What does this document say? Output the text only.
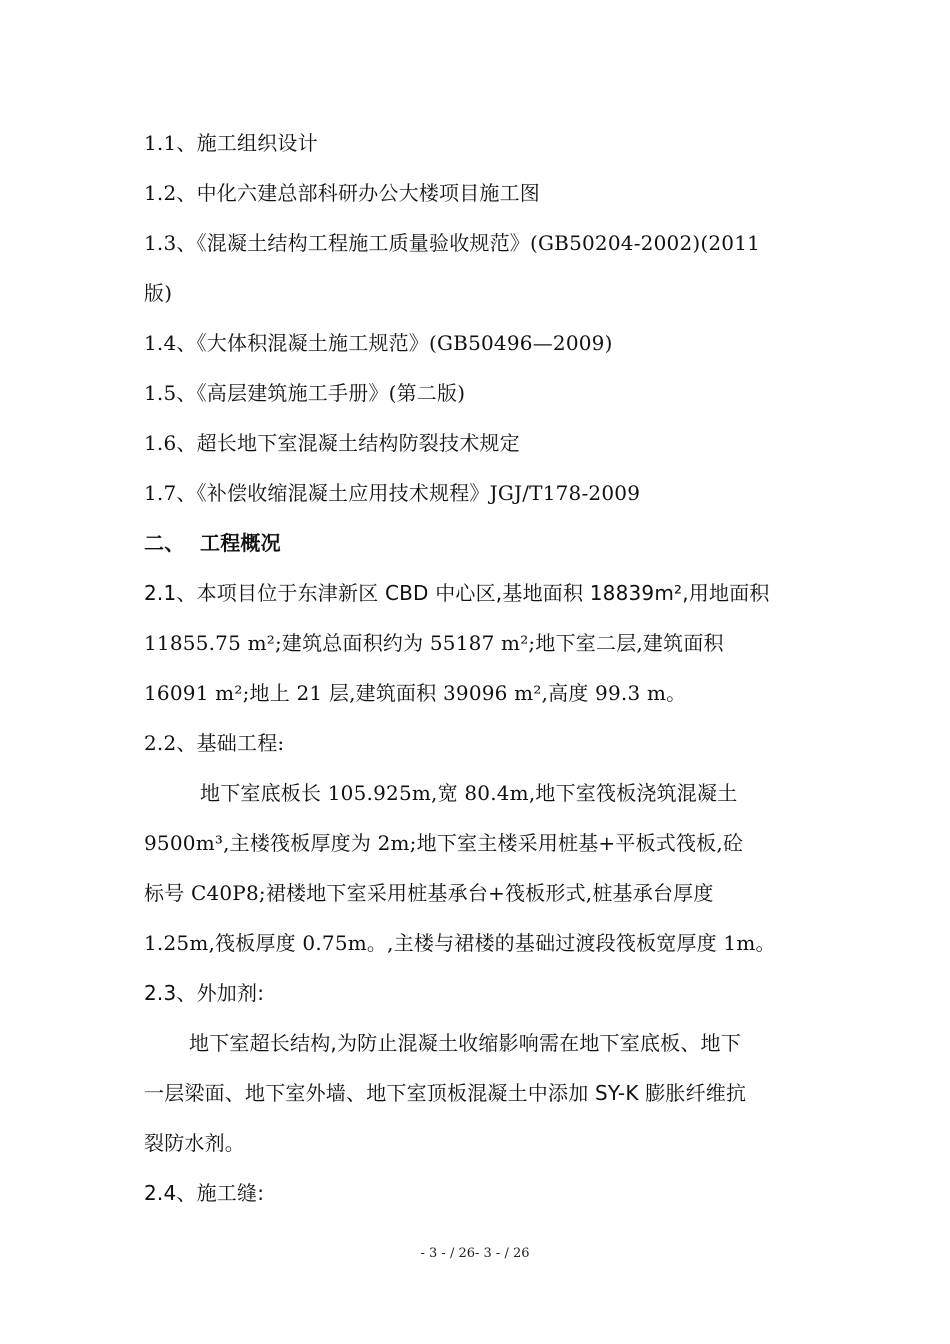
1.1、施工组织设计
1.2、中化六建总部科研办公大楼项目施工图
1.3、《混凝土结构工程施工质量验收规范》(GB50204-2002)(2011
版)
1.4、《大体积混凝土施工规范》(GB50496—2009)
1.5、《高层建筑施工手册》(第二版)
1.6、超长地下室混凝土结构防裂技术规定
1.7、《补偿收缩混凝土应用技术规程》JGJ/T178-2009
二、 工程概况
2.1、本项目位于东津新区 CBD 中心区,基地面积 18839m²,用地面积
11855.75 m²;建筑总面积约为 55187 m²;地下室二层,建筑面积
16091 m²;地上 21 层,建筑面积 39096 m²,高度 99.3 m。
2.2、基础工程:
地下室底板长 105.925m,宽 80.4m,地下室筏板浇筑混凝土
9500m³,主楼筏板厚度为 2m;地下室主楼采用桩基+平板式筏板,砼
标号 C40P8;裙楼地下室采用桩基承台+筏板形式,桩基承台厚度
1.25m,筏板厚度 0.75m。,主楼与裙楼的基础过渡段筏板宽厚度 1m。
2.3、外加剂:
地下室超长结构,为防止混凝土收缩影响需在地下室底板、地下
一层梁面、地下室外墙、地下室顶板混凝土中添加 SY-K 膨胀纤维抗
裂防水剂。
2.4、施工缝:
- 3 - / 26- 3 - / 26
